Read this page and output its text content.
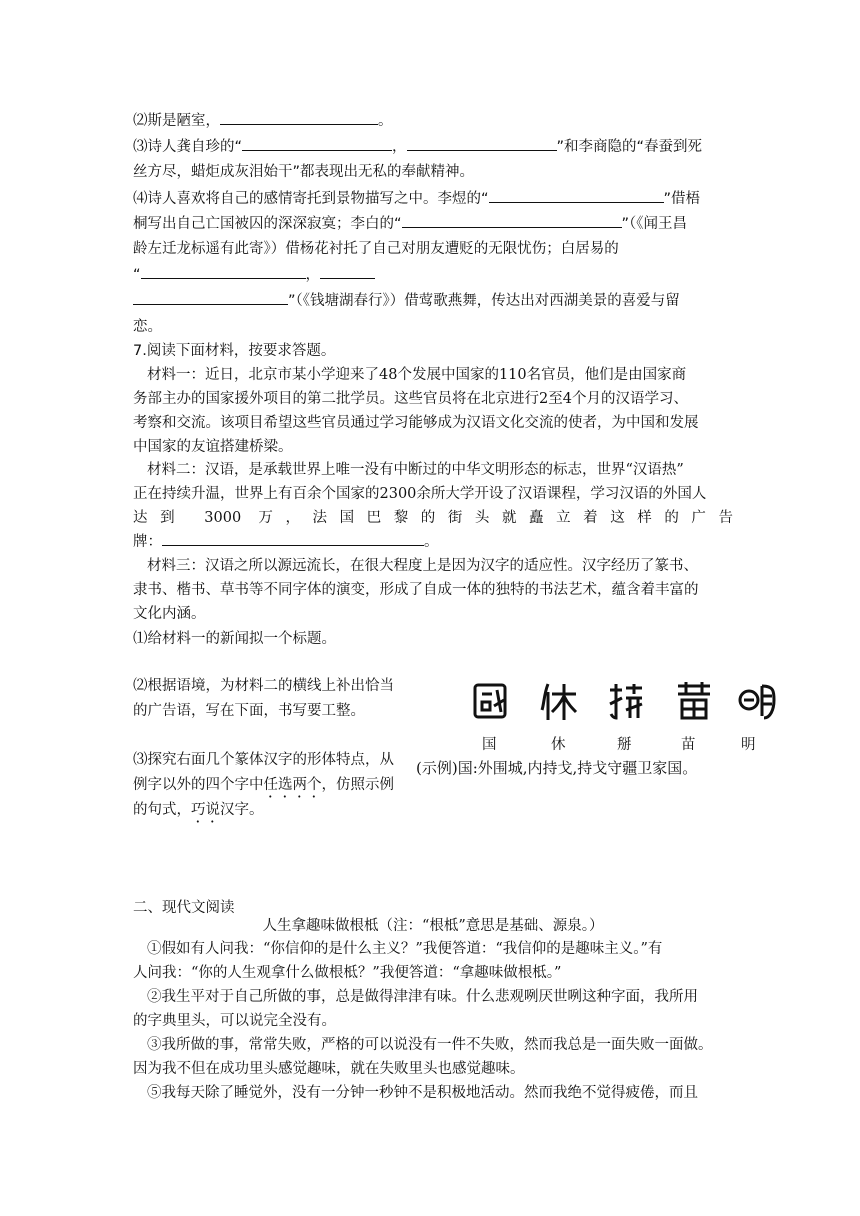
⑵斯是陋室，	。
⑶诗人龚自珍的“	，	”和李商隐的“春蚕到死
丝方尽，蜡炬成灰泪始干”都表现出无私的奉献精神。
⑷诗人喜欢将自己的感情寄托到景物描写之中。李煜的“	”借梧
桐写出自己亡国被囚的深深寂寞；李白的“	”（《闻王昌
龄左迁龙标遥有此寄》）借杨花衬托了自己对朋友遭贬的无限忧伤；白居易的
“	，
”（《钱塘湖春行》）借莺歌燕舞，传达出对西湖美景的喜爱与留
恋。
7.阅读下面材料，按要求答题。
材料一：近日，北京市某小学迎来了48个发展中国家的110名官员，他们是由国家商
务部主办的国家援外项目的第二批学员。这些官员将在北京进行2至4个月的汉语学习、
考察和交流。该项目希望这些官员通过学习能够成为汉语文化交流的使者，为中国和发展
中国家的友谊搭建桥梁。
材料二：汉语，是承载世界上唯一没有中断过的中华文明形态的标志，世界“汉语热”
正在持续升温，世界上有百余个国家的2300余所大学开设了汉语课程，学习汉语的外国人
达到 3000 万，法国巴黎的街头就矗立着这样的广告
牌：	。
材料三：汉语之所以源远流长，在很大程度上是因为汉字的适应性。汉字经历了篆书、
隶书、楷书、草书等不同字体的演变，形成了自成一体的独特的书法艺术，蕴含着丰富的
文化内涵。
⑴给材料一的新闻拟一个标题。
⑵根据语境，为材料二的横线上补出恰当
的广告语，写在下面，书写要工整。
⑶探究右面几个篆体汉字的形体特点，从
例字以外的四个字中任选两个，仿照示例
的句式，巧说汉字。
国	休	掰	苗	明
(示例)国:外围城,内持戈,持戈守疆卫家国。
二、现代文阅读
人生拿趣味做根柢（注：“根柢”意思是基础、源泉。）
①假如有人问我：“你信仰的是什么主义？”我便答道：“我信仰的是趣味主义。”有
人问我：“你的人生观拿什么做根柢？”我便答道：“拿趣味做根柢。”
②我生平对于自己所做的事，总是做得津津有味。什么悲观咧厌世咧这种字面，我所用
的字典里头，可以说完全没有。
③我所做的事，常常失败，严格的可以说没有一件不失败，然而我总是一面失败一面做。
因为我不但在成功里头感觉趣味，就在失败里头也感觉趣味。
⑤我每天除了睡觉外，没有一分钟一秒钟不是积极地活动。然而我绝不觉得疲倦，而且
